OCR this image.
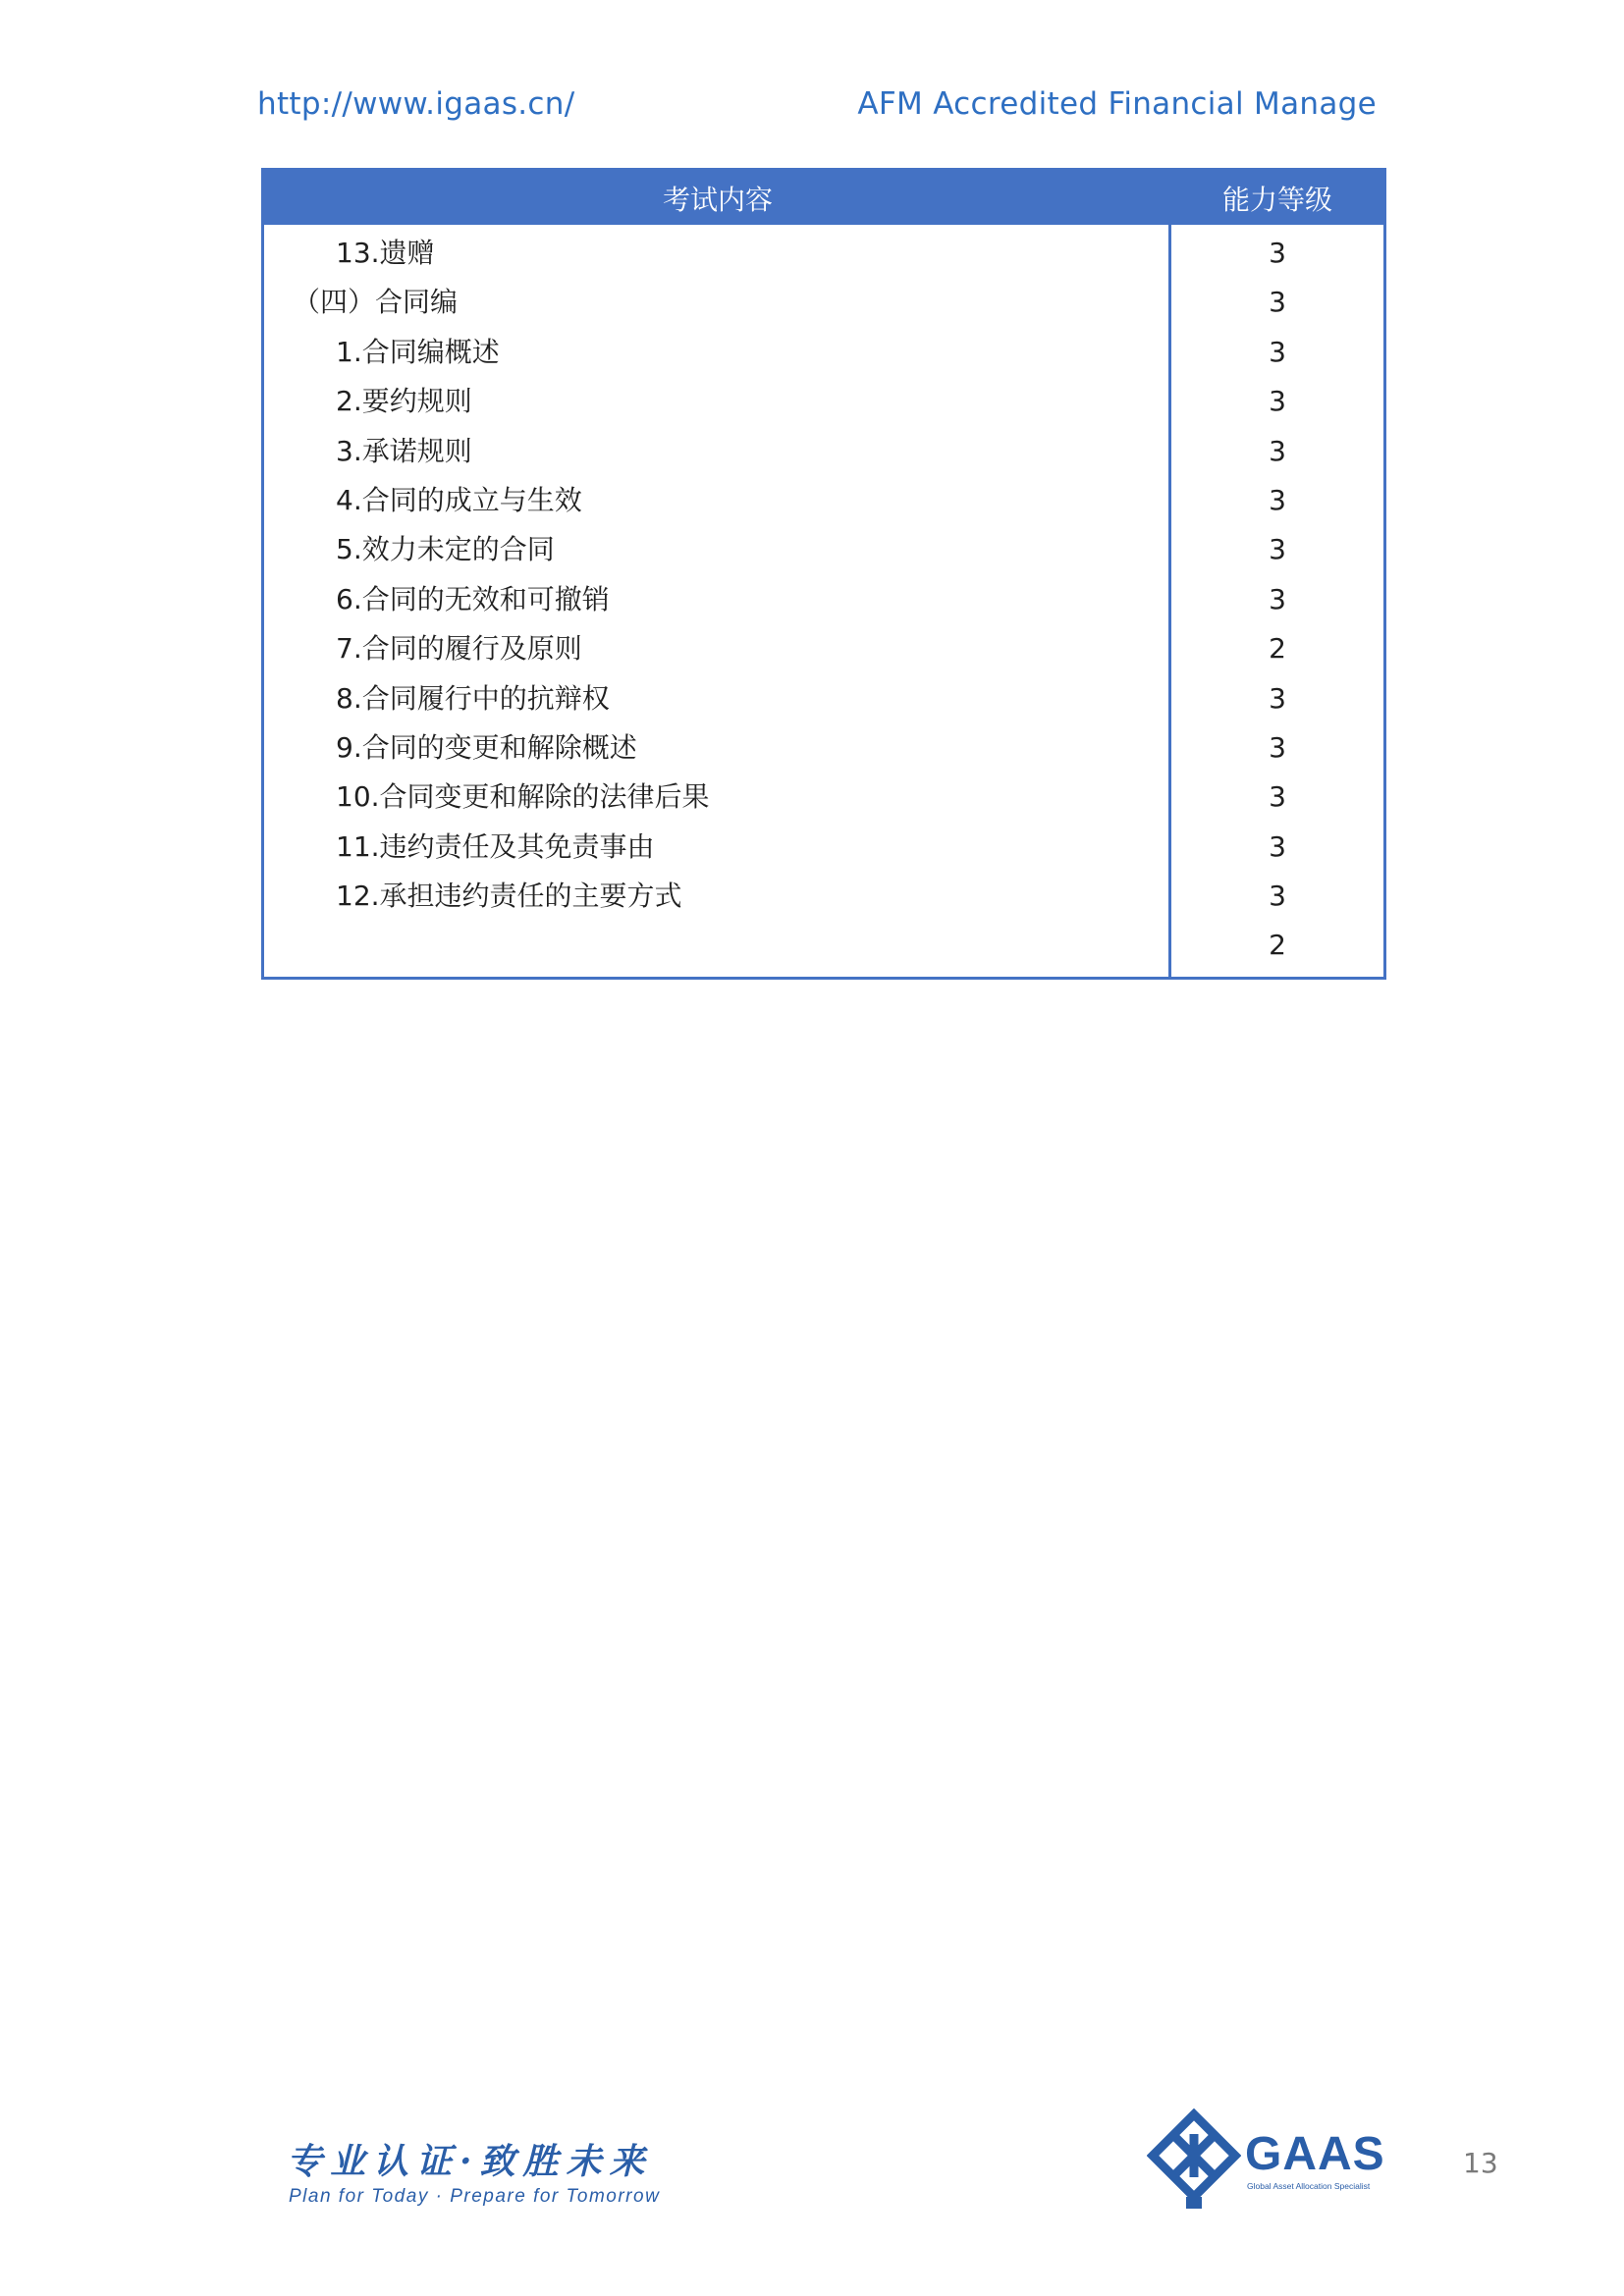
http://www.igaas.cn/	AFM Accredited Financial Manage
考试内容	能力等级
13.遗赠
（四）合同编
1.合同编概述
2.要约规则
3.承诺规则
4.合同的成立与生效
5.效力未定的合同
6.合同的无效和可撤销
7.合同的履行及原则
8.合同履行中的抗辩权
9.合同的变更和解除概述
10.合同变更和解除的法律后果
11.违约责任及其免责事由
12.承担违约责任的主要方式
3
3
3
3
3
3
3
3
2
3
3
3
3
3
2
专业认证·致胜未来
Plan for Today · Prepare for Tomorrow
GAAS
Global Asset Allocation Specialist
13
